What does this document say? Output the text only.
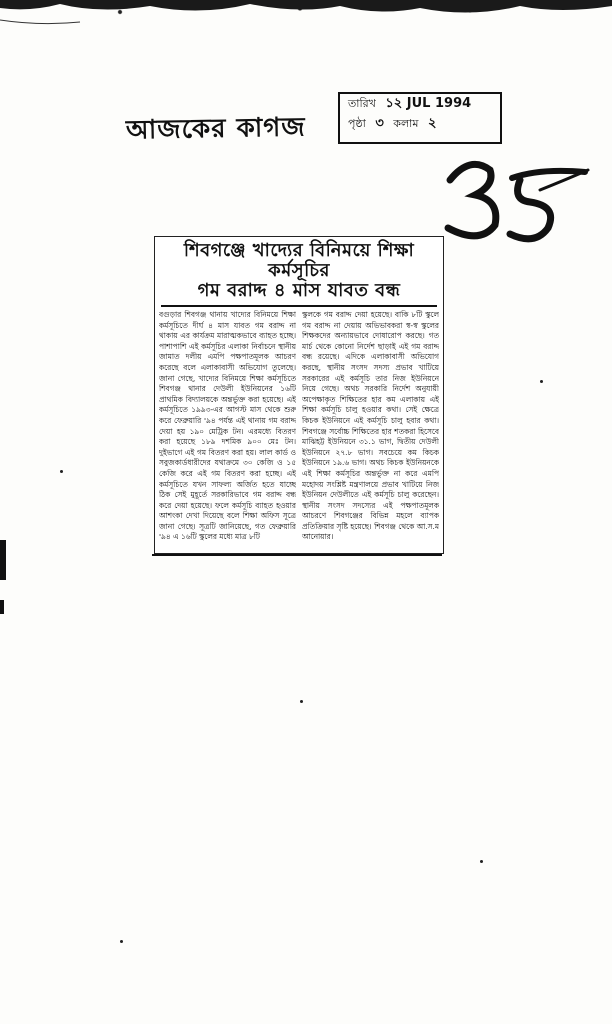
আজকের কাগজ
তারিখ ১২ JUL 1994
পৃষ্ঠা ৩ কলাম ২
শিবগঞ্জে খাদ্যের বিনিময়ে শিক্ষা কর্মসূচির
গম বরাদ্দ ৪ মাস যাবত বন্ধ
বগুড়ার শিবগঞ্জ থানায় খাদ্যের বিনিময়ে শিক্ষা কর্মসূচিতে দীর্ঘ ৪ মাস যাবত গম বরাদ্দ না থাকায় এর কার্যক্রম মারাত্মকভাবে ব্যাহত হচ্ছে। পাশাপাশি এই কর্মসূচির এলাকা নির্বাচনে স্থানীয় জামাত দলীয় এমপি পক্ষপাতমূলক আচরণ করেছে বলে এলাকাবাসী অভিযোগ তুলেছে। জানা গেছে, খাদ্যের বিনিময়ে শিক্ষা কর্মসূচিতে শিবগঞ্জ থানার দেউলী ইউনিয়নের ১৬টি প্রাথমিক বিদ্যালয়কে অন্তর্ভুক্ত করা হয়েছে। এই কর্মসূচিতে ১৯৯৩-এর আগস্ট মাস থেকে শুরু করে ফেব্রুয়ারি '৯৪ পর্যন্ত এই থানায় গম বরাদ্দ দেয়া হয় ১৯০ মেট্রিক টন। এরমধ্যে বিতরণ করা হয়েছে ১৮৯ দশমিক ৯০০ মেঃ টন। দুইভাগে এই গম বিতরণ করা হয়। লাল কার্ড ও সবুজকার্ডধারীদের যথাক্রমে ৩০ কেজি ও ১৫ কেজি করে এই গম বিতরণ করা হচ্ছে। এই কর্মসূচিতে যখন সাফল্য অর্জিত হতে যাচ্ছে ঠিক সেই মুহূর্তে সরকারিভাবে গম বরাদ্দ বন্ধ করে দেয়া হয়েছে। ফলে কর্মসূচি ব্যাহত হওয়ার আশংকা দেখা দিয়েছে বলে শিক্ষা অফিস সূত্রে জানা গেছে। সূত্রটি জানিয়েছে, গত ফেব্রুয়ারি '৯৪ এ ১৬টি স্কুলের মধ্যে মাত্র ৮টি
স্কুলকে গম বরাদ্দ দেয়া হয়েছে। বাকি ৮টি স্কুলে গম বরাদ্দ না দেয়ায় অভিভাবকরা স্ব-স্ব স্কুলের শিক্ষকদের অন্যায়ভাবে দোষারোপ করছে। গত মার্চ থেকে কোনো নির্দেশ ছাড়াই এই গম বরাদ্দ বন্ধ রয়েছে। এদিকে এলাকাবাসী অভিযোগ করছে, স্থানীয় সংসদ সদস্য প্রভাব খাটিয়ে সরকারের এই কর্মসূচি তার নিজ ইউনিয়নে নিয়ে গেছে। অথচ সরকারি নির্দেশ অনুযায়ী অপেক্ষাকৃত শিক্ষিতের হার কম এলাকায় এই শিক্ষা কর্মসূচি চালু হওয়ার কথা। সেই ক্ষেত্রে কিচক ইউনিয়নে এই কর্মসূচি চালু হবার কথা। শিবগঞ্জে সর্বোচ্চ শিক্ষিতের হার শতকরা হিসেবে মাঝিহট্ট ইউনিয়নে ৩১.১ ভাগ, দ্বিতীয় দেউলী ইউনিয়নে ২৭.৮ ভাগ। সবচেয়ে কম কিচক ইউনিয়নে ১৯.৬ ভাগ। অথচ কিচক ইউনিয়নকে এই শিক্ষা কর্মসূচির অন্তর্ভুক্ত না করে এমপি মহোদয় সংশ্লিষ্ট মন্ত্রণালয়ে প্রভাব খাটিয়ে নিজ ইউনিয়ন দেউলীতে এই কর্মসূচি চালু করেছেন। স্থানীয় সংসদ সদস্যের এই পক্ষপাতমূলক আচরণে শিবগঞ্জের বিভিন্ন মহলে ব্যাপক প্রতিক্রিয়ার সৃষ্টি হয়েছে। শিবগঞ্জ থেকে আ.স.ম আনোয়ার।
